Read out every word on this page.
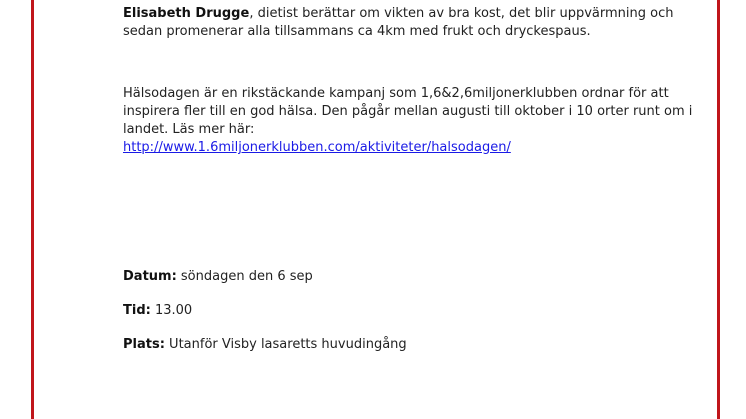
Elisabeth Drugge, dietist berättar om vikten av bra kost, det blir uppvärmning och sedan promenerar alla tillsammans ca 4km med frukt och dryckespaus.

Hälsodagen är en rikstäckande kampanj som 1,6&2,6miljonerklubben ordnar för att inspirera fler till en god hälsa. Den pågår mellan augusti till oktober i 10 orter runt om i landet. Läs mer här:
http://www.1.6miljonerklubben.com/aktiviteter/halsodagen/

Datum: söndagen den 6 sep

Tid: 13.00

Plats: Utanför Visby lasaretts huvudingång
